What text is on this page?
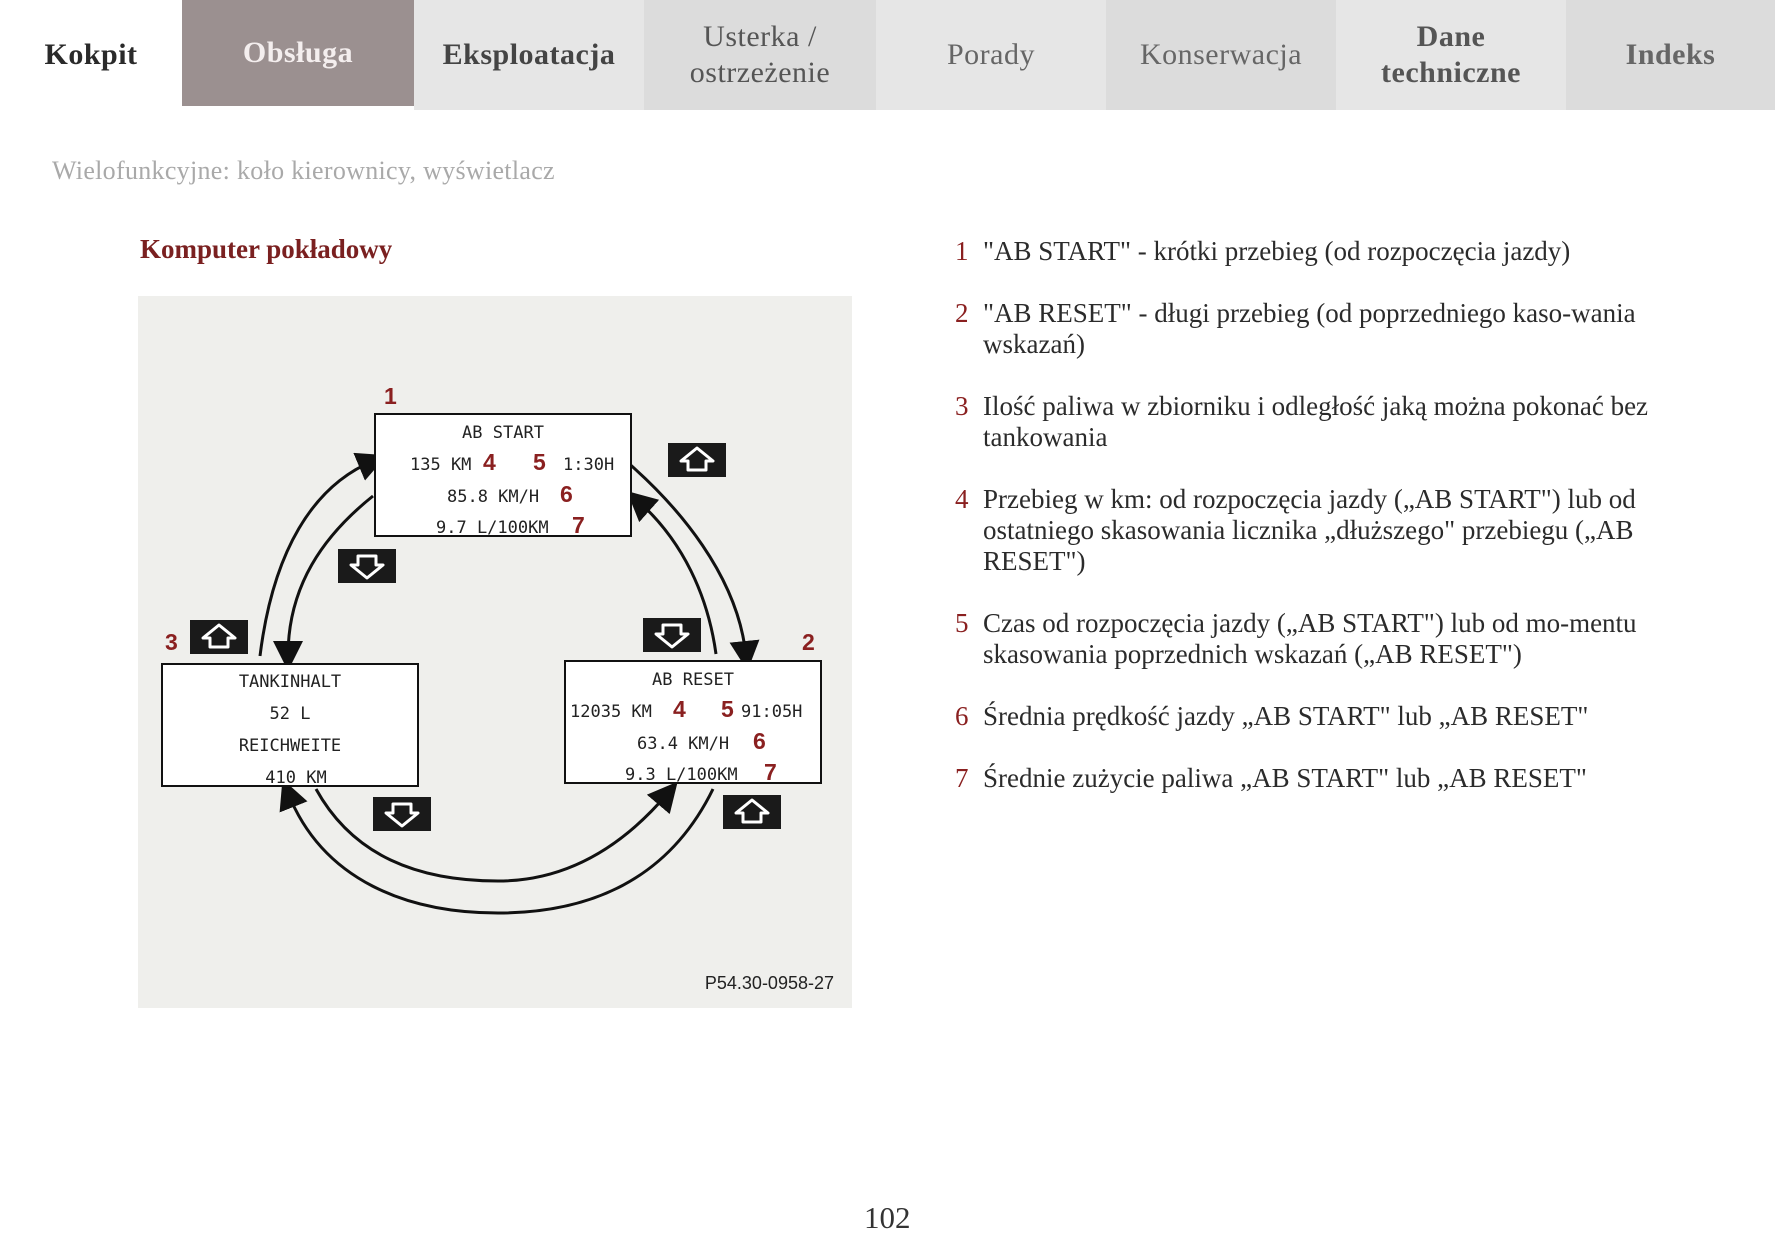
Kokpit	Obsługa	Eksploatacja
Usterka /
ostrzeżenie
Porady	Konserwacja
Dane
techniczne
Indeks
Wielofunkcyjne: koło kierownicy, wyświetlacz
Komputer pokładowy
AB START
135 KM 4 5 1:30H
85.8 KM/H 6
9.7 L/100KM 7
AB RESET
12035 KM 4 5 91:05H
63.4 KM/H 6
9.3 L/100KM 7
TANKINHALT
52 L
REICHWEITE
410 KM
1
2
3
P54.30-0958-27
1 "AB START" - krótki przebieg (od rozpoczęcia jazdy)
2 "AB RESET" - długi przebieg (od poprzedniego kaso-wania wskazań)
3 Ilość paliwa w zbiorniku i odległość jaką można pokonać bez tankowania
4 Przebieg w km: od rozpoczęcia jazdy („AB START") lub od ostatniego skasowania licznika „dłuższego" przebiegu („AB RESET")
5 Czas od rozpoczęcia jazdy („AB START") lub od mo-mentu skasowania poprzednich wskazań („AB RESET")
6 Średnia prędkość jazdy „AB START" lub „AB RESET"
7 Średnie zużycie paliwa „AB START" lub „AB RESET"
102
